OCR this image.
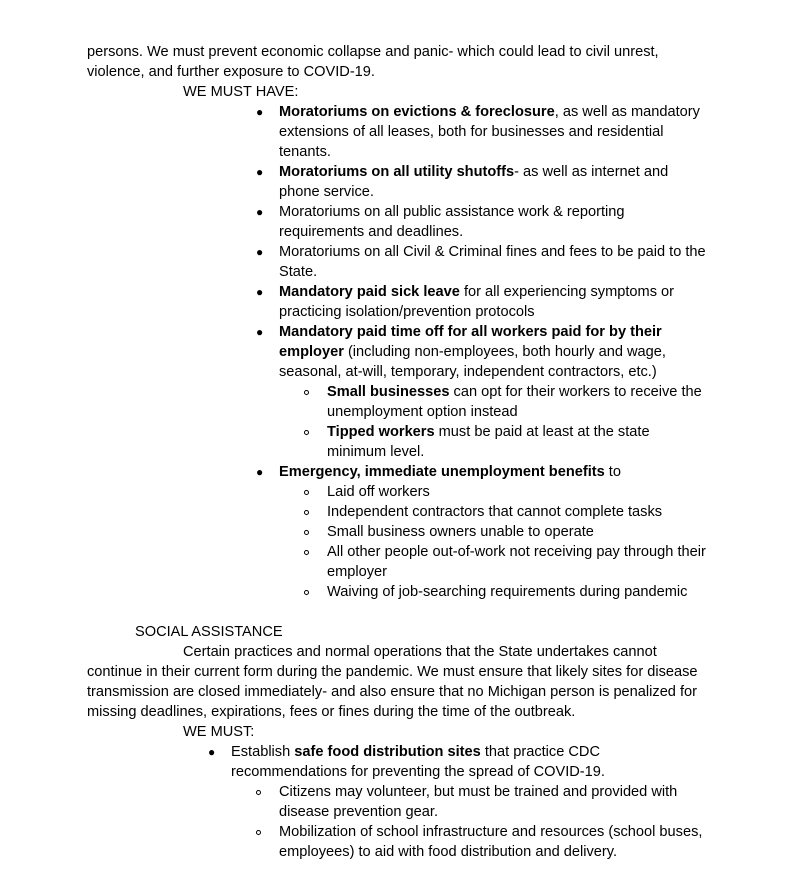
persons. We must prevent economic collapse and panic- which could lead to civil unrest,
violence, and further exposure to COVID-19.
WE MUST HAVE:
● Moratoriums on evictions & foreclosure, as well as mandatory
extensions of all leases, both for businesses and residential
tenants.
● Moratoriums on all utility shutoffs- as well as internet and
phone service.
● Moratoriums on all public assistance work & reporting
requirements and deadlines.
● Moratoriums on all Civil & Criminal fines and fees to be paid to the
State.
● Mandatory paid sick leave for all experiencing symptoms or
practicing isolation/prevention protocols
● Mandatory paid time off for all workers paid for by their
employer (including non-employees, both hourly and wage,
seasonal, at-will, temporary, independent contractors, etc.)
Small businesses can opt for their workers to receive the
unemployment option instead
Tipped workers must be paid at least at the state
minimum level.
● Emergency, immediate unemployment benefits to
Laid off workers
Independent contractors that cannot complete tasks
Small business owners unable to operate
All other people out-of-work not receiving pay through their
employer
Waiving of job-searching requirements during pandemic
SOCIAL ASSISTANCE
Certain practices and normal operations that the State undertakes cannot
continue in their current form during the pandemic. We must ensure that likely sites for disease
transmission are closed immediately- and also ensure that no Michigan person is penalized for
missing deadlines, expirations, fees or fines during the time of the outbreak.
WE MUST:
● Establish safe food distribution sites that practice CDC
recommendations for preventing the spread of COVID-19.
Citizens may volunteer, but must be trained and provided with
disease prevention gear.
Mobilization of school infrastructure and resources (school buses,
employees) to aid with food distribution and delivery.
